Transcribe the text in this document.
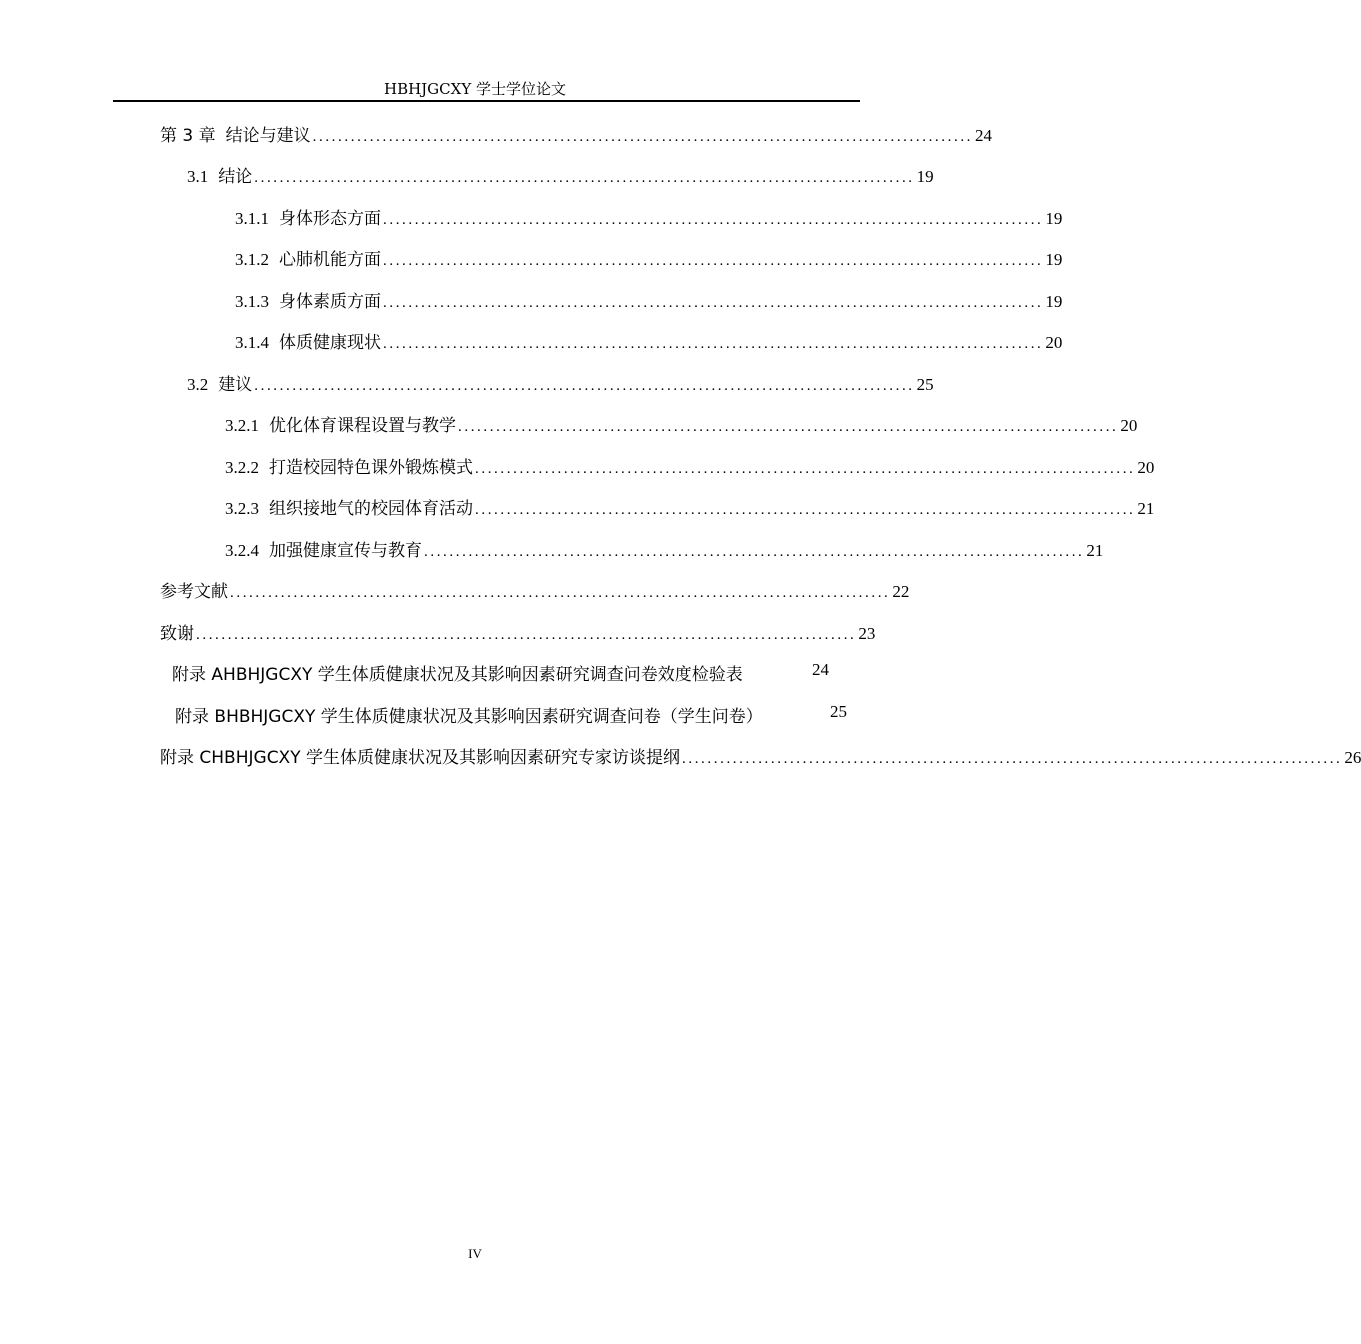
HBHJGCXY 学士学位论文
第 3 章 结论与建议 ........................................................................................................ 24
3.1 结论 ........................................................................................................ 19
3.1.1 身体形态方面 ........................................................................................................ 19
3.1.2 心肺机能方面 ........................................................................................................ 19
3.1.3 身体素质方面 ........................................................................................................ 19
3.1.4 体质健康现状 ........................................................................................................ 20
3.2 建议 ........................................................................................................ 25
3.2.1 优化体育课程设置与教学 ........................................................................................................ 20
3.2.2 打造校园特色课外锻炼模式 ........................................................................................................ 20
3.2.3 组织接地气的校园体育活动 ........................................................................................................ 21
3.2.4 加强健康宣传与教育 ........................................................................................................ 21
参考文献 ........................................................................................................ 22
致谢 ........................................................................................................ 23
附录 AHBHJGCXY 学生体质健康状况及其影响因素研究调查问卷效度检验表	24
附录 BHBHJGCXY 学生体质健康状况及其影响因素研究调查问卷（学生问卷）	25
附录 CHBHJGCXY 学生体质健康状况及其影响因素研究专家访谈提纲 ........................................................................................................ 26
IV
